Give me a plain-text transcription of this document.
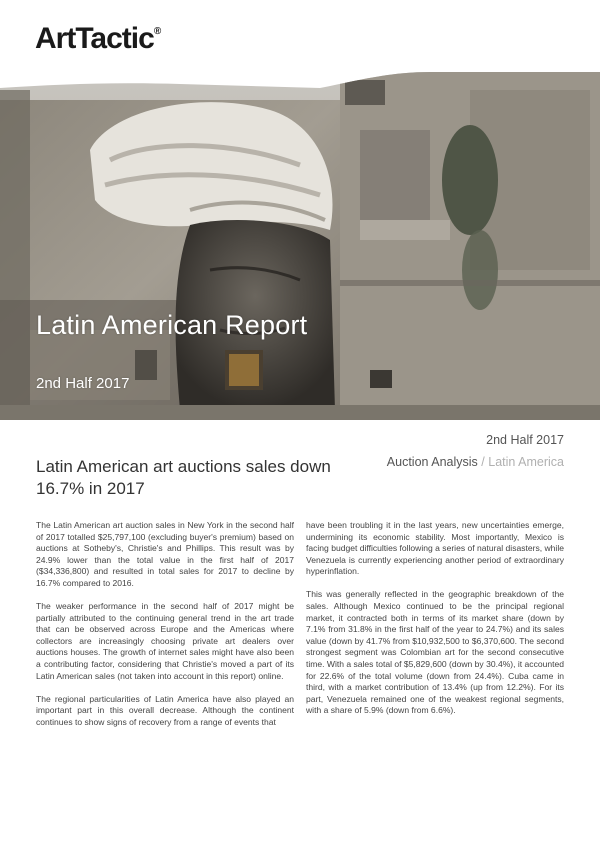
ArtTactic®
Latin American Report
2nd Half 2017
2nd Half 2017
Auction Analysis / Latin America
Latin American art auctions sales down 16.7% in 2017

The Latin American art auction sales in New York in the second half of 2017 totalled $25,797,100 (excluding buyer's premium) based on auctions at Sotheby's, Christie's and Phillips. This result was by 24.9% lower than the total value in the first half of 2017 ($34,336,800) and resulted in total sales for 2017 to decline by 16.7% compared to 2016.

The weaker performance in the second half of 2017 might be partially attributed to the continuing general trend in the art trade that can be observed across Europe and the Americas where collectors are increasingly choosing private art dealers over auctions houses. The growth of internet sales might have also been a contributing factor, considering that Christie's moved a part of its Latin American sales (not taken into account in this report) online.

The regional particularities of Latin America have also played an important part in this overall decrease. Although the continent continues to show signs of recovery from a range of events that

have been troubling it in the last years, new uncertainties emerge, undermining its economic stability. Most importantly, Mexico is facing budget difficulties following a series of natural disasters, while Venezuela is currently experiencing another period of extraordinary hyperinflation.

This was generally reflected in the geographic breakdown of the sales. Although Mexico continued to be the principal regional market, it contracted both in terms of its market share (down by 7.1% from 31.8% in the first half of the year to 24.7%) and its sales value (down by 41.7% from $10,932,500 to $6,370,600. The second strongest segment was Colombian art for the second consecutive time. With a sales total of $5,829,600 (down by 30.4%), it accounted for 22.6% of the total volume (down from 24.4%). Cuba came in third, with a market contribution of 13.4% (up from 12.2%). For its part, Venezuela remained one of the weakest regional segments, with a share of 5.9% (down from 6.6%).
